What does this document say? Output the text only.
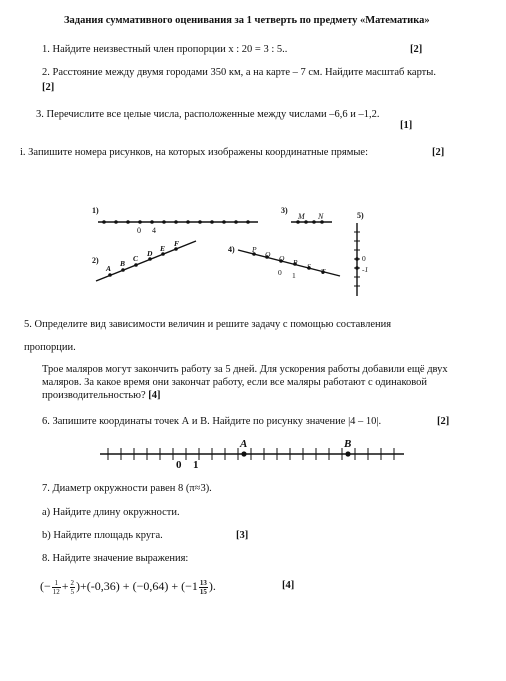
Задания суммативного оценивания за 1 четверть по предмету «Математика»
1. Найдите неизвестный член пропорции x : 20 = 3 : 5..	[2]
2. Расстояние между двумя городами 350 км, а на карте – 7 см. Найдите масштаб карты.
[2]
3. Перечислите все целые числа, расположенные между числами –6,6 и –1,2.
[1]
і. Запишите номера рисунков, на которых изображены координатные прямые:	[2]
1)
0 4
2)
A
B
C
D
E
F
3)
M N
4) P
Q O R S
T
0 1
5)
0
-1
A	B
0 1
5. Определите вид зависимости величин и решите задачу с помощью составления
пропорции.
Трое маляров могут закончить работу за 5 дней. Для ускорения работы добавили ещё двух маляров. За какое время они закончат работу, если все маляры работают с одинаковой производительностью? [4]
6. Запишите координаты точек А и В. Найдите по рисунку значение |4 – 10|.	[2]
7. Диаметр окружности равен 8 (π≈3).
а) Найдите длину окружности.
b) Найдите площадь круга.	[3]
8. Найдите значение выражения:
(− $\frac{1}{12} + \frac{2}{5} )+(-0,36) + (-0,64) + (-1 \frac{13}{15}$ ).	[4]
